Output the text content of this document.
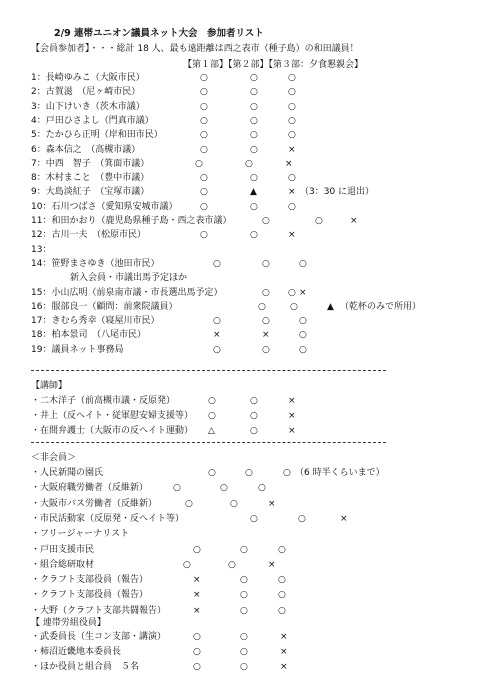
2/9 連帯ユニオン議員ネット大会　参加者リスト
【会員参加者】・・・総計 18 人、最も遠距離は西之表市（種子島）の和田議員！
【第１部】【第２部】【第３部：夕食懇親会】
1：長崎ゆみこ（大阪市民）	○	○	○
2：古賀滋　（尼ヶ崎市民）	○	○	○
3：山下けいき（茨木市議）	○	○	○
4：戸田ひさよし（門真市議）	○	○	○
5：たかひら正明（岸和田市民）	○	○	○
6：森本信之　（高槻市議）	○	○	×
7：中西　智子　（箕面市議）	○	○	×
8：木村まこと　（豊中市議）	○	○	○
9：大島淡紅子　（宝塚市議）	○	▲	× （3：30 に退出）
10：石川つばさ（愛知県安城市議）	○	○	○
11：和田かおり（鹿児島県種子島・西之表市議）	○	○	×
12：古川一夫　（松原市民）	○	○	×
13：
14：笹野まさゆき（池田市民）	○	○	○
新入会員・市議出馬予定ほか
15：小山広明（前泉南市議・市長選出馬予定）	○ ○ ×
16：服部良一（顧問：前衆院議員）	○	○	▲ （乾杯のみで所用）
17：きむら秀幸（寝屋川市民）	○	○	○
18：柏本景司　（八尾市民）	×	×	○
19：議員ネット事務局	○	○	○
【講師】
・二木洋子（前高槻市議・反原発）	○	○	×
・井上（反ヘイト・従軍慰安婦支援等） ○	○	×
・在間弁護士（大阪市の反ヘイト運動） △	○	×
＜非会員＞
・人民新聞の園氏	○	○	○ （6 時半くらいまで）
・大阪府職労働者（反維新）	○	○	○
・大阪市バス労働者（反維新）	○	○	×
・市民活動家（反原発・反ヘイト等）	○	○	×
・フリージャーナリスト
・戸田支援市民	○	○	○
・組合総研取材	○	○	×
・クラフト支部役員（報告）	×	○	○
・クラフト支部役員（報告）	×	○	○
・大野（クラフト支部共闘報告）	×	○	○
【 連帯労組役員】
・武委員長（生コン支部・講演）	○	○	×
・柿沼近畿地本委員長	○	○	×
・ほか役員と組合員　５名	○	○	×
